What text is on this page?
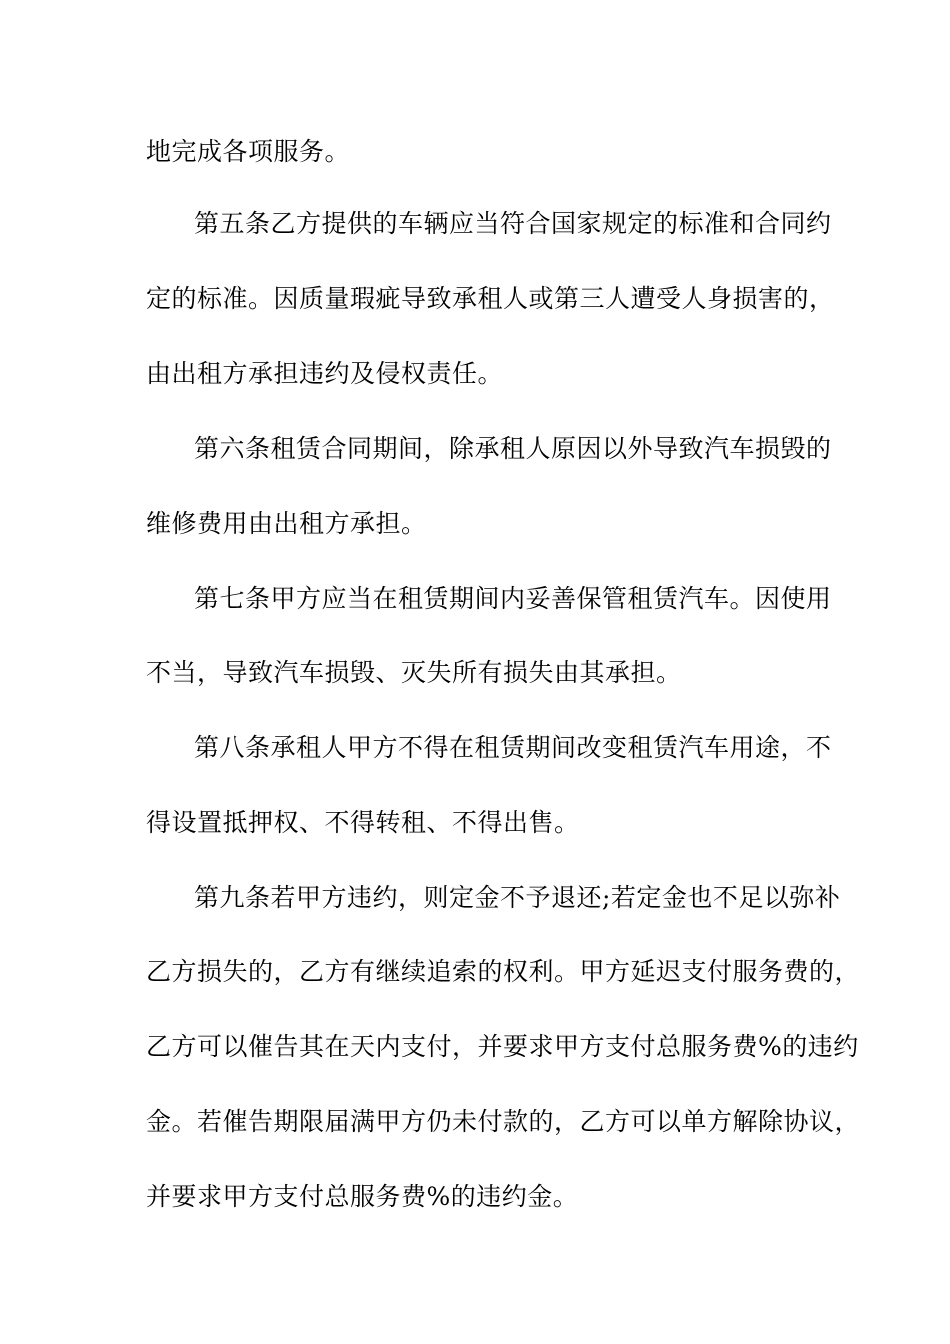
地完成各项服务。
第五条乙方提供的车辆应当符合国家规定的标准和合同约
定的标准。因质量瑕疵导致承租人或第三人遭受人身损害的，
由出租方承担违约及侵权责任。
第六条租赁合同期间，除承租人原因以外导致汽车损毁的
维修费用由出租方承担。
第七条甲方应当在租赁期间内妥善保管租赁汽车。因使用
不当，导致汽车损毁、灭失所有损失由其承担。
第八条承租人甲方不得在租赁期间改变租赁汽车用途，不
得设置抵押权、不得转租、不得出售。
第九条若甲方违约，则定金不予退还;若定金也不足以弥补
乙方损失的，乙方有继续追索的权利。甲方延迟支付服务费的，
乙方可以催告其在天内支付，并要求甲方支付总服务费%的违约
金。若催告期限届满甲方仍未付款的，乙方可以单方解除协议，
并要求甲方支付总服务费%的违约金。
